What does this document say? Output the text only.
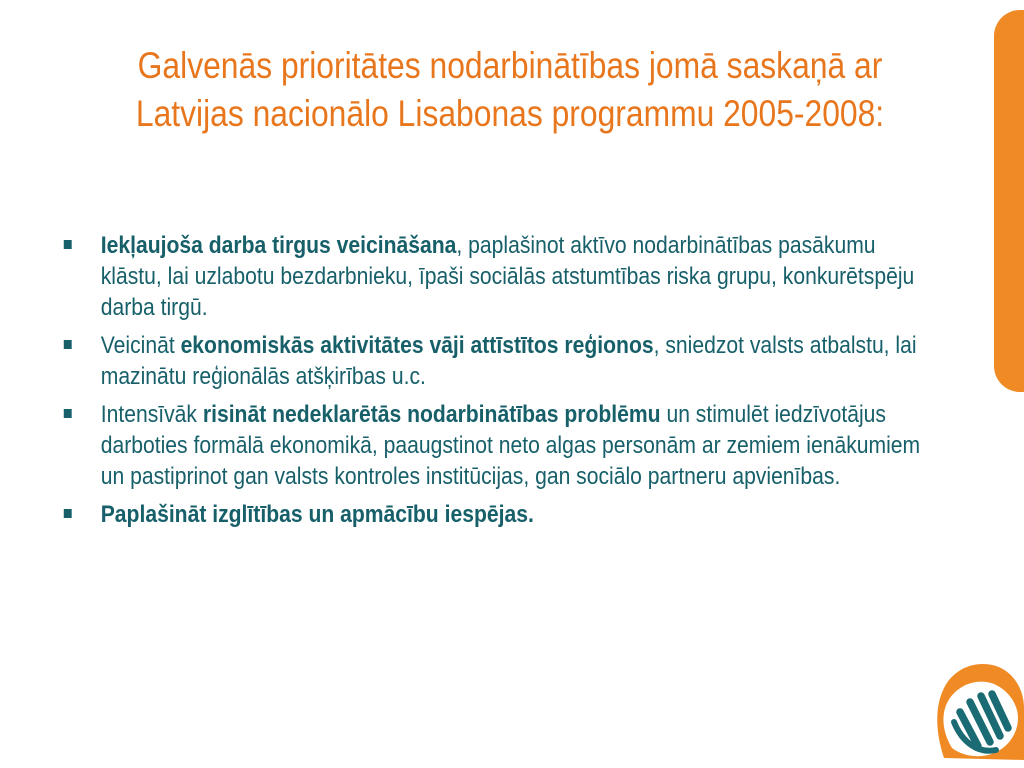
Galvenās prioritātes nodarbinātības jomā saskaņā ar
Latvijas nacionālo Lisabonas programmu 2005-2008:
Iekļaujoša darba tirgus veicināšana, paplašinot aktīvo nodarbinātības pasākumu klāstu, lai uzlabotu bezdarbnieku, īpaši sociālās atstumtības riska grupu, konkurētspēju darba tirgū.
Veicināt ekonomiskās aktivitātes vāji attīstītos reģionos, sniedzot valsts atbalstu, lai mazinātu reģionālās atšķirības u.c.
Intensīvāk risināt nedeklarētās nodarbinātības problēmu un stimulēt iedzīvotājus darboties formālā ekonomikā, paaugstinot neto algas personām ar zemiem ienākumiem un pastiprinot gan valsts kontroles institūcijas, gan sociālo partneru apvienības.
Paplašināt izglītības un apmācību iespējas.
